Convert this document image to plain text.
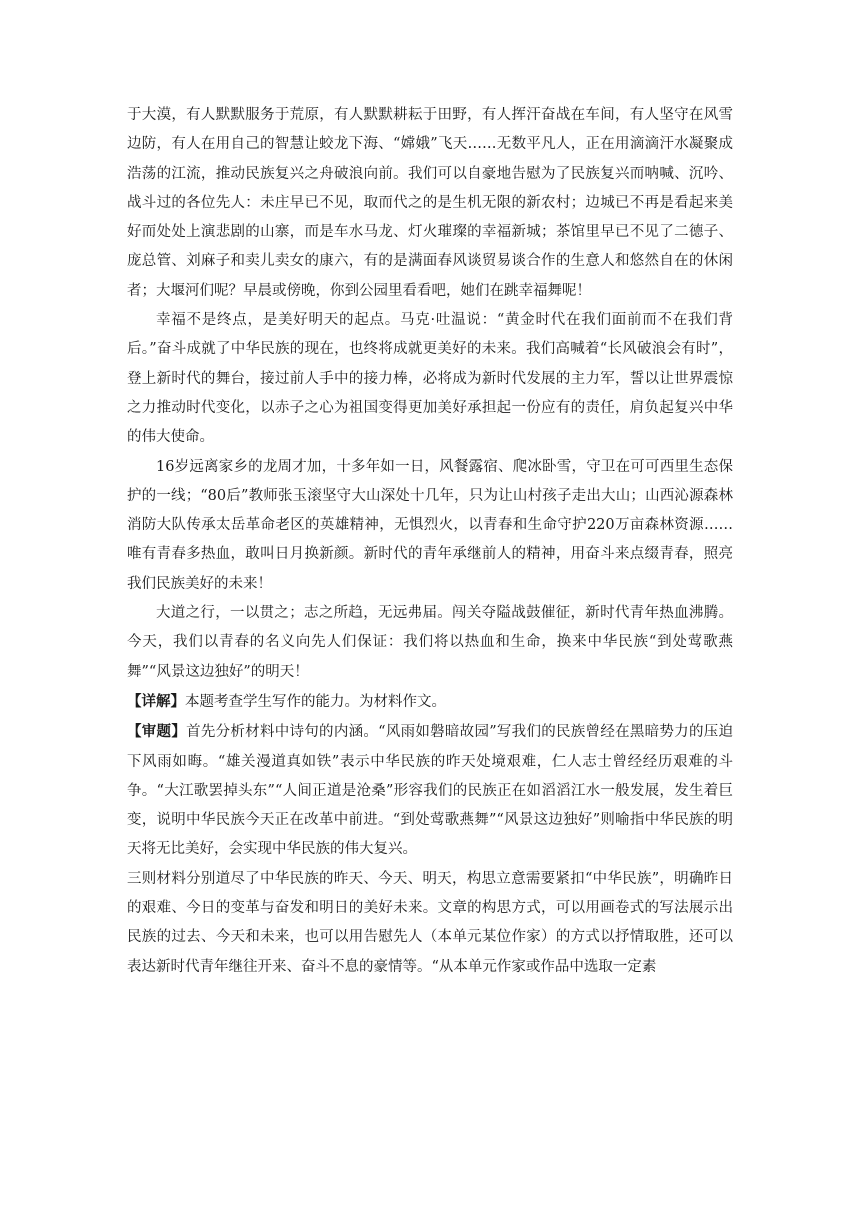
于大漠，有人默默服务于荒原，有人默默耕耘于田野，有人挥汗奋战在车间，有人坚守在风雪边防，有人在用自己的智慧让蛟龙下海、“嫦娥”飞天……无数平凡人，正在用滴滴汗水凝聚成浩荡的江流，推动民族复兴之舟破浪向前。我们可以自豪地告慰为了民族复兴而呐喊、沉吟、战斗过的各位先人：未庄早已不见，取而代之的是生机无限的新农村；边城已不再是看起来美好而处处上演悲剧的山寨，而是车水马龙、灯火璀璨的幸福新城；茶馆里早已不见了二德子、庞总管、刘麻子和卖儿卖女的康六，有的是满面春风谈贸易谈合作的生意人和悠然自在的休闲者；大堰河们呢？早晨或傍晚，你到公园里看看吧，她们在跳幸福舞呢！

幸福不是终点，是美好明天的起点。马克·吐温说：“黄金时代在我们面前而不在我们背后。”奋斗成就了中华民族的现在，也终将成就更美好的未来。我们高喊着“长风破浪会有时”，登上新时代的舞台，接过前人手中的接力棒，必将成为新时代发展的主力军，誓以让世界震惊之力推动时代变化，以赤子之心为祖国变得更加美好承担起一份应有的责任，肩负起复兴中华的伟大使命。

16岁远离家乡的龙周才加，十多年如一日，风餐露宿、爬冰卧雪，守卫在可可西里生态保护的一线；“80后”教师张玉滚坚守大山深处十几年，只为让山村孩子走出大山；山西沁源森林消防大队传承太岳革命老区的英雄精神，无惧烈火，以青春和生命守护220万亩森林资源……唯有青春多热血，敢叫日月换新颜。新时代的青年承继前人的精神，用奋斗来点缀青春，照亮我们民族美好的未来！

大道之行，一以贯之；志之所趋，无远弗届。闯关夺隘战鼓催征，新时代青年热血沸腾。今天，我们以青春的名义向先人们保证：我们将以热血和生命，换来中华民族“到处莺歌燕舞”“风景这边独好”的明天！

【详解】本题考查学生写作的能力。为材料作文。

【审题】首先分析材料中诗句的内涵。“风雨如磐暗故园”写我们的民族曾经在黑暗势力的压迫下风雨如晦。“雄关漫道真如铁”表示中华民族的昨天处境艰难，仁人志士曾经经历艰难的斗争。“大江歌罢掉头东”“人间正道是沧桑”形容我们的民族正在如滔滔江水一般发展，发生着巨变，说明中华民族今天正在改革中前进。“到处莺歌燕舞”“风景这边独好”则喻指中华民族的明天将无比美好，会实现中华民族的伟大复兴。

三则材料分别道尽了中华民族的昨天、今天、明天，构思立意需要紧扣“中华民族”，明确昨日的艰难、今日的变革与奋发和明日的美好未来。文章的构思方式，可以用画卷式的写法展示出民族的过去、今天和未来，也可以用告慰先人（本单元某位作家）的方式以抒情取胜，还可以表达新时代青年继往开来、奋斗不息的豪情等。“从本单元作家或作品中选取一定素
